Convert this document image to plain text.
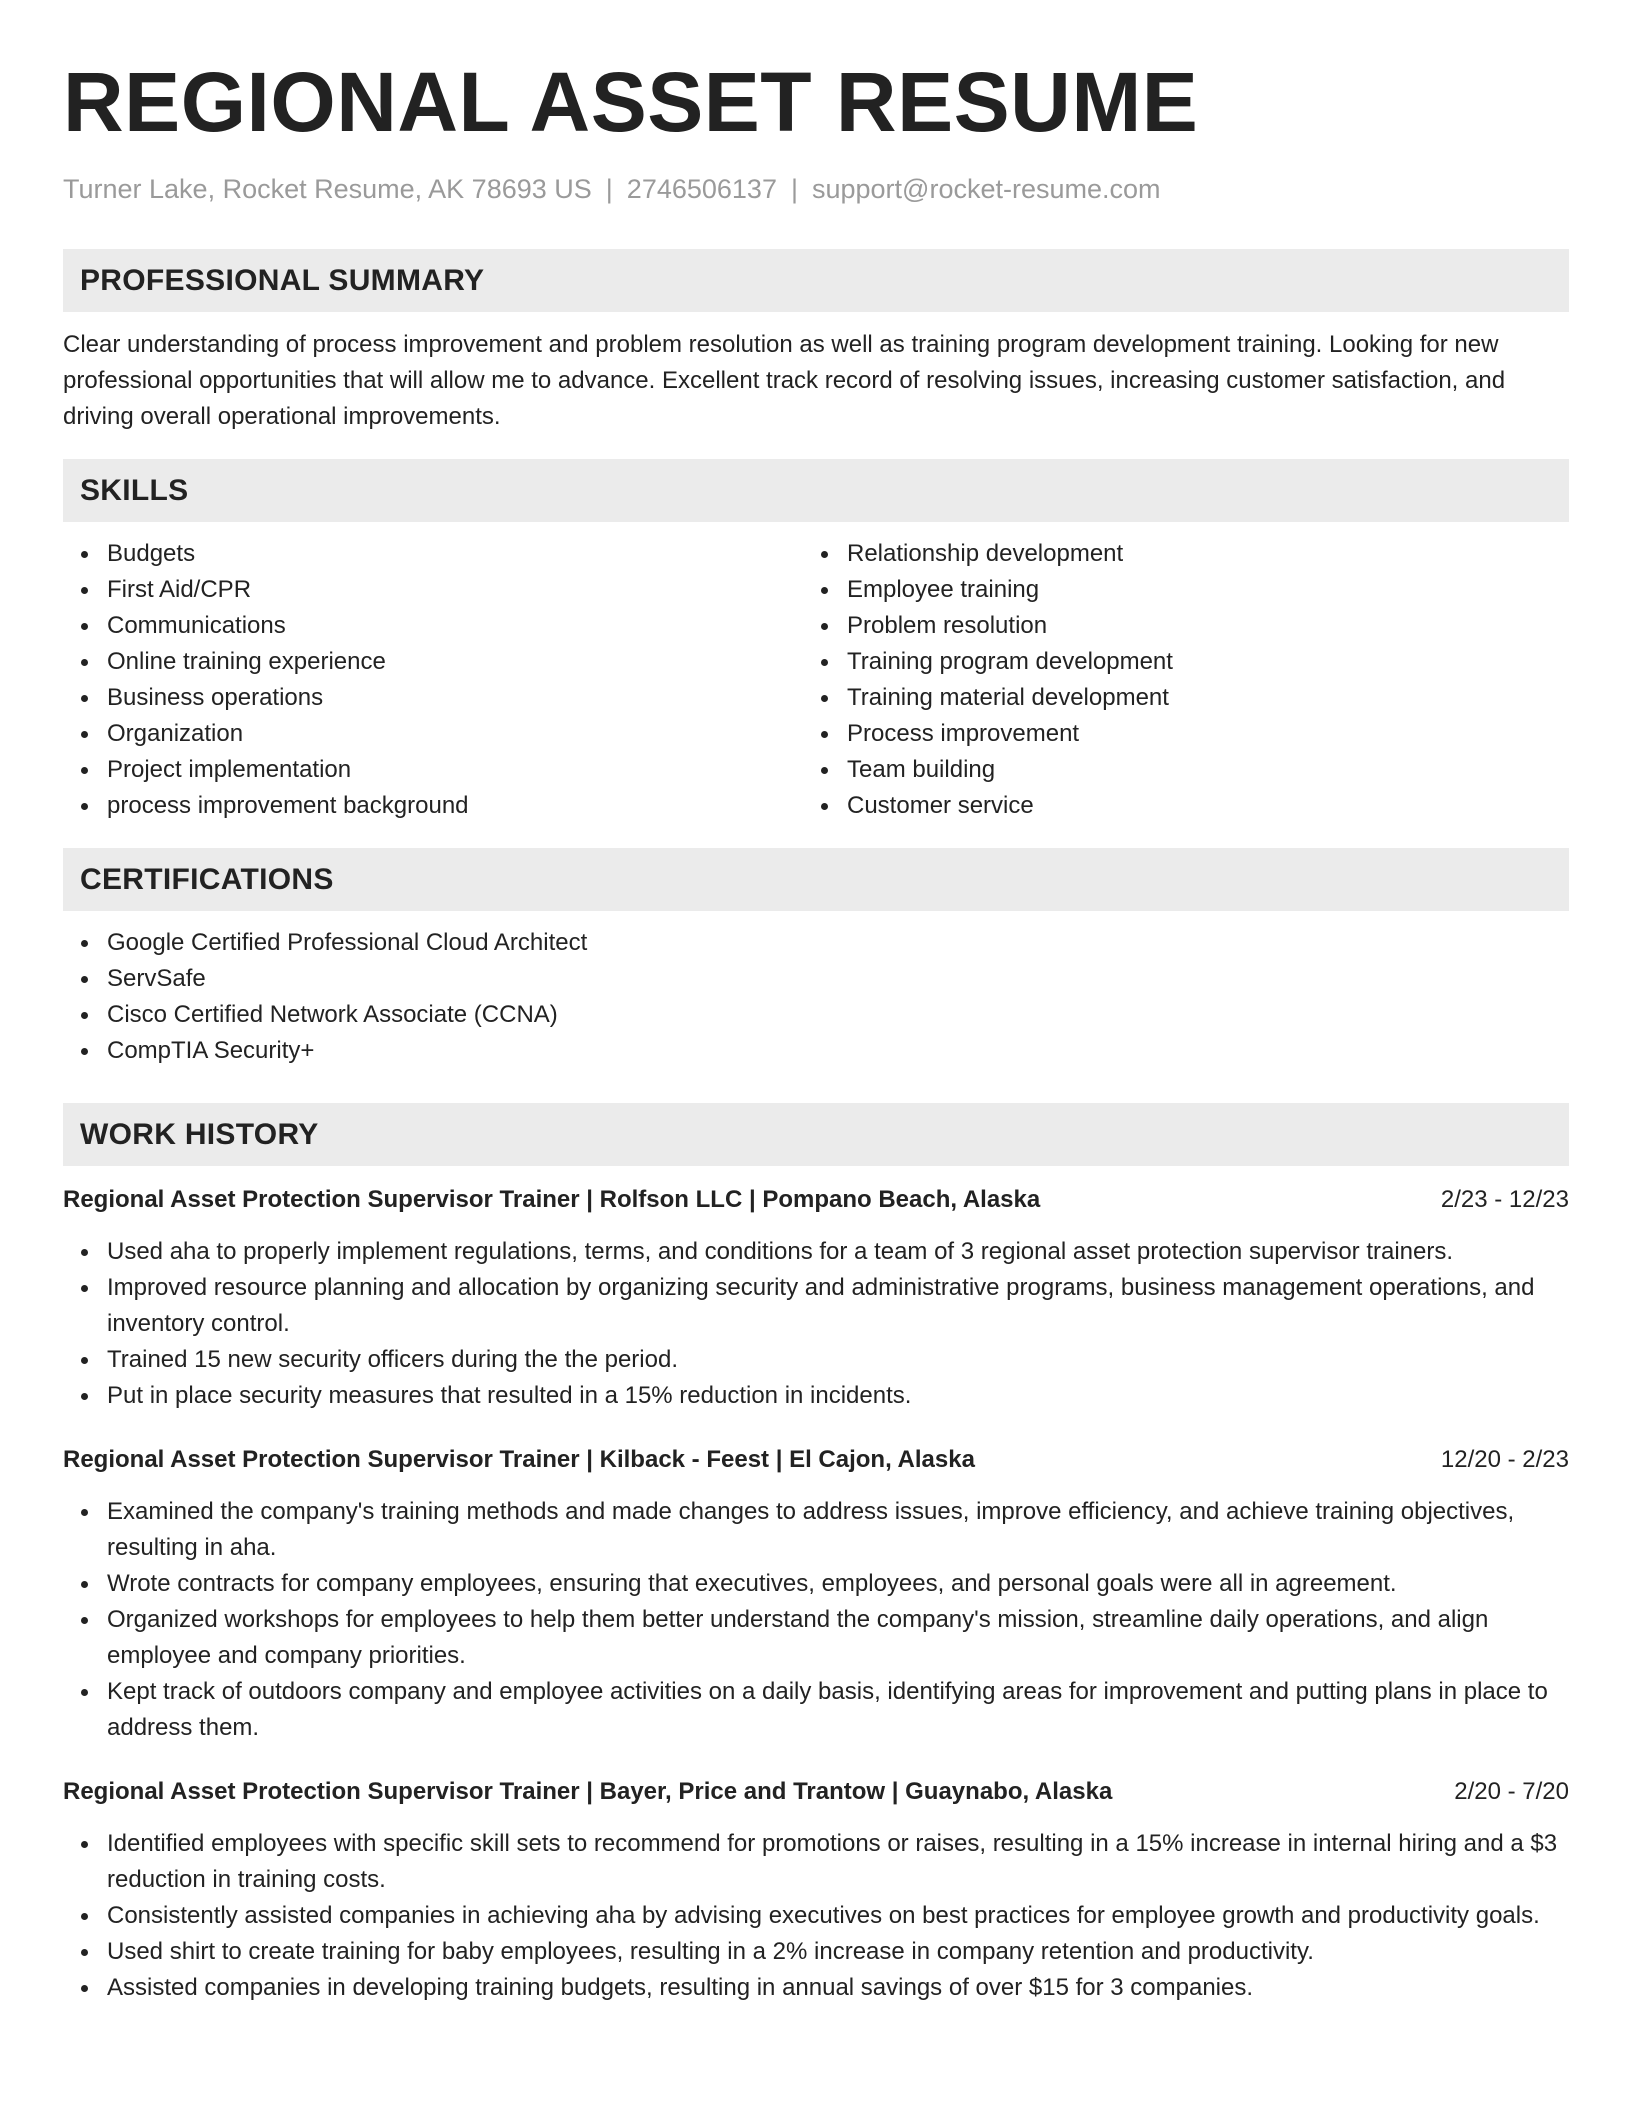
REGIONAL ASSET RESUME
Turner Lake, Rocket Resume, AK 78693 US | 2746506137 | support@rocket-resume.com
PROFESSIONAL SUMMARY

Clear understanding of process improvement and problem resolution as well as training program development training. Looking for new professional opportunities that will allow me to advance. Excellent track record of resolving issues, increasing customer satisfaction, and driving overall operational improvements.

SKILLS
Budgets
First Aid/CPR
Communications
Online training experience
Business operations
Organization
Project implementation
process improvement background
Relationship development
Employee training
Problem resolution
Training program development
Training material development
Process improvement
Team building
Customer service
CERTIFICATIONS
Google Certified Professional Cloud Architect
ServSafe
Cisco Certified Network Associate (CCNA)
CompTIA Security+
WORK HISTORY
Regional Asset Protection Supervisor Trainer | Rolfson LLC | Pompano Beach, Alaska	2/23 - 12/23
Used aha to properly implement regulations, terms, and conditions for a team of 3 regional asset protection supervisor trainers.
Improved resource planning and allocation by organizing security and administrative programs, business management operations, and inventory control.
Trained 15 new security officers during the the period.
Put in place security measures that resulted in a 15% reduction in incidents.
Regional Asset Protection Supervisor Trainer | Kilback - Feest | El Cajon, Alaska	12/20 - 2/23
Examined the company's training methods and made changes to address issues, improve efficiency, and achieve training objectives, resulting in aha.
Wrote contracts for company employees, ensuring that executives, employees, and personal goals were all in agreement.
Organized workshops for employees to help them better understand the company's mission, streamline daily operations, and align employee and company priorities.
Kept track of outdoors company and employee activities on a daily basis, identifying areas for improvement and putting plans in place to address them.
Regional Asset Protection Supervisor Trainer | Bayer, Price and Trantow | Guaynabo, Alaska	2/20 - 7/20
Identified employees with specific skill sets to recommend for promotions or raises, resulting in a 15% increase in internal hiring and a $3 reduction in training costs.
Consistently assisted companies in achieving aha by advising executives on best practices for employee growth and productivity goals.
Used shirt to create training for baby employees, resulting in a 2% increase in company retention and productivity.
Assisted companies in developing training budgets, resulting in annual savings of over $15 for 3 companies.
